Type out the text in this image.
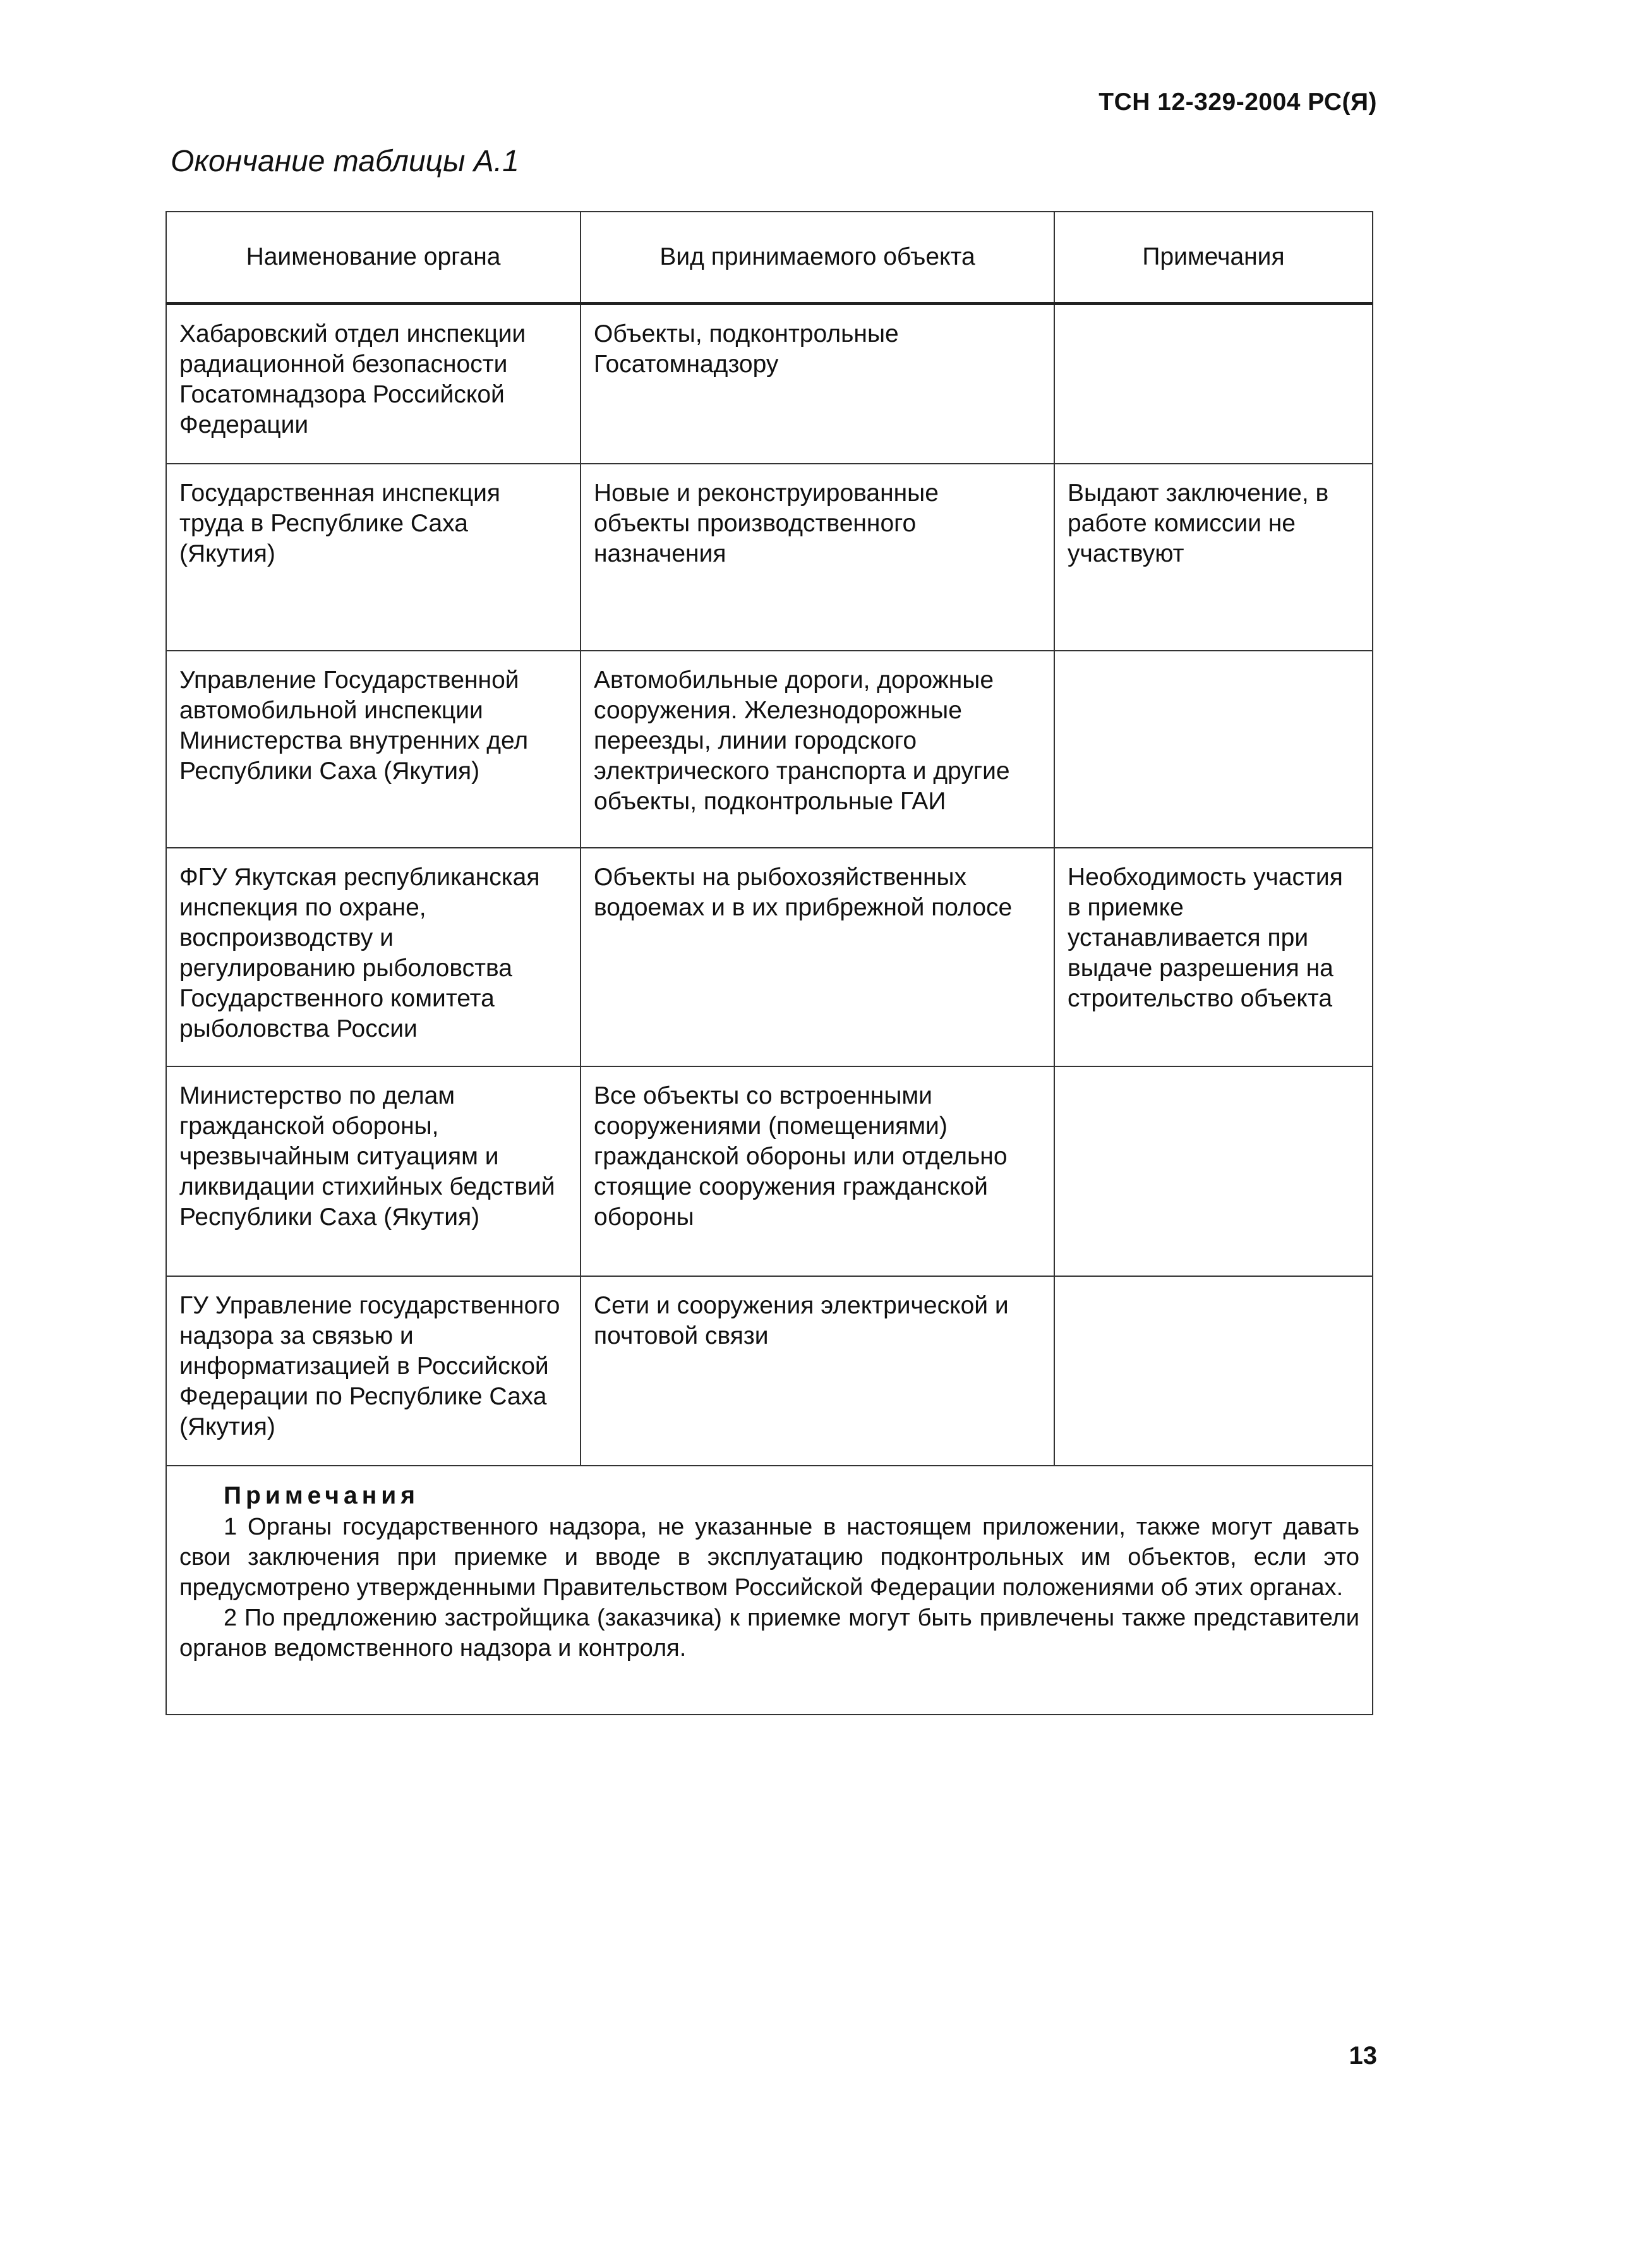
ТСН 12-329-2004 РС(Я)
Окончание таблицы А.1
Наименование органа	Вид принимаемого объекта	Примечания
Хабаровский отдел инспекции радиационной безопасности Госатомнадзора Российской Федерации	Объекты, подконтрольные Госатомнадзору	
Государственная инспекция труда в Республике Саха (Якутия)	Новые и реконструированные объекты производственного назначения	Выдают заключение, в работе комиссии не участвуют
Управление Государственной автомобильной инспекции Министерства внутренних дел Республики Саха (Якутия)	Автомобильные дороги, дорожные сооружения. Железнодорожные переезды, линии городского электрического транспорта и другие объекты, подконтрольные ГАИ	
ФГУ Якутская республиканская инспекция по охране, воспроизводству и регулированию рыболовства Государственного комитета рыболовства России	Объекты на рыбохозяйственных водоемах и в их прибрежной полосе	Необходимость участия в приемке устанавливается при выдаче разрешения на строительство объекта
Министерство по делам гражданской обороны, чрезвычайным ситуациям и ликвидации стихийных бедствий Республики Саха (Якутия)	Все объекты со встроенными сооружениями (помещениями) гражданской обороны или отдельно стоящие сооружения гражданской обороны	
ГУ Управление государственного надзора за связью и информатизацией в Российской Федерации по Республике Саха (Якутия)	Сети и сооружения электрической и почтовой связи	

Примечания

1 Органы государственного надзора, не указанные в настоящем приложении, также могут давать свои заключения при приемке и вводе в эксплуатацию подконтрольных им объектов, если это предусмотрено утвержденными Правительством Российской Федерации положениями об этих органах.

2 По предложению застройщика (заказчика) к приемке могут быть привлечены также представители органов ведомственного надзора и контроля.		

13
